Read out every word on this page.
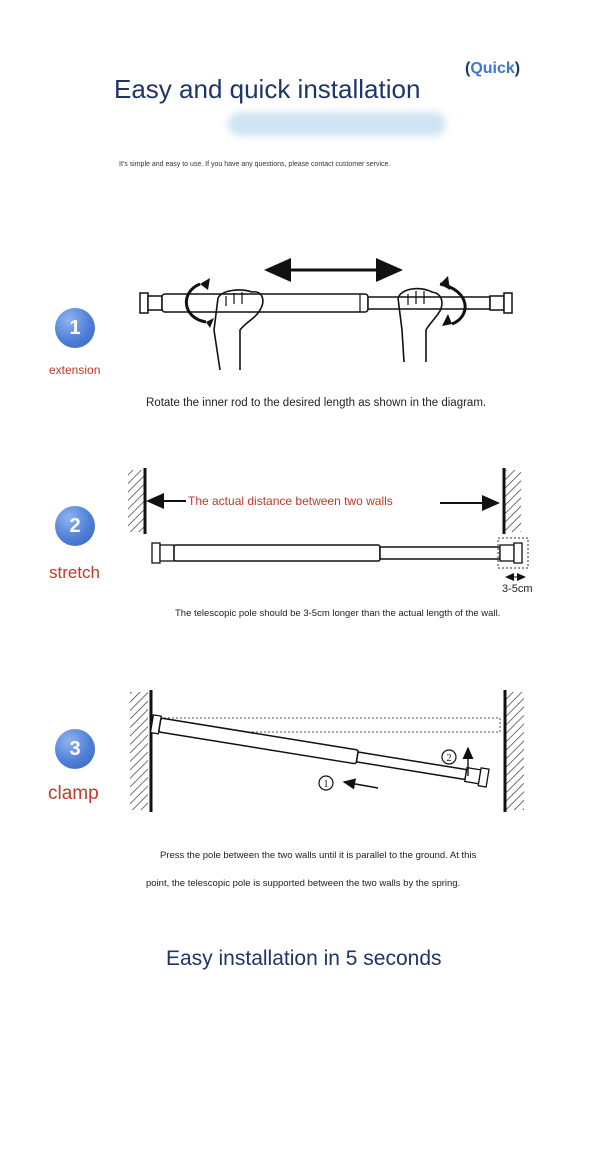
Easy and quick installation
(Quick)
It's simple and easy to use. If you have any questions, please contact customer service.
1
2
1
extension
Rotate the inner rod to the desired length as shown in the diagram.
2
stretch
The actual distance between two walls
3-5cm
The telescopic pole should be 3-5cm longer than the actual length of the wall.
3
clamp
Press the pole between the two walls until it is parallel to the ground. At this
point, the telescopic pole is supported between the two walls by the spring.
Easy installation in 5 seconds
